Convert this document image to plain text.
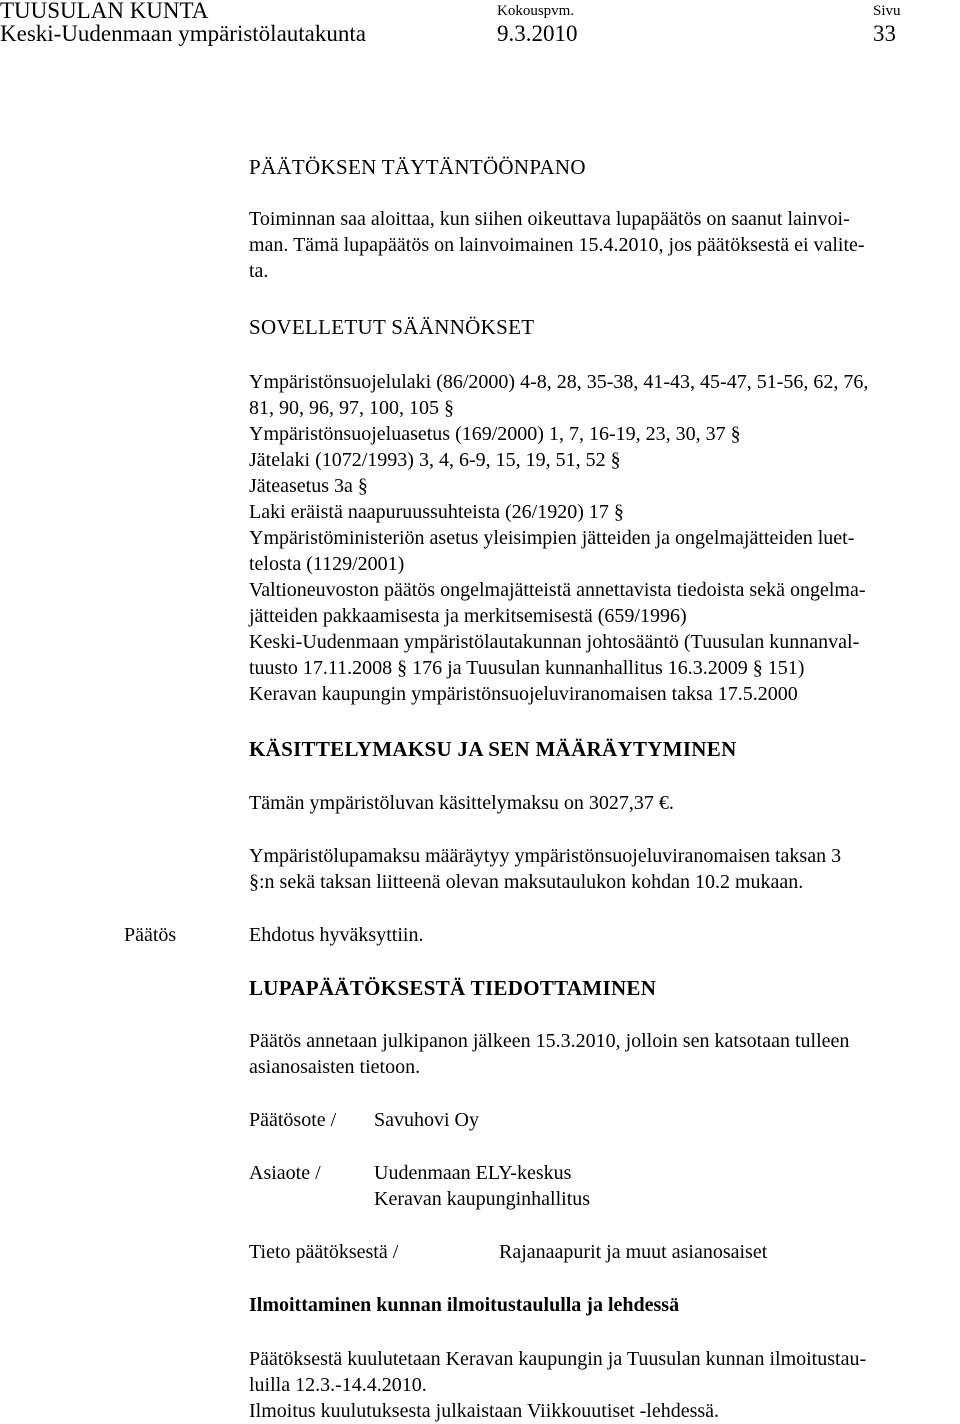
TUUSULAN KUNTA
Keski-Uudenmaan ympäristölautakunta
Kokouspvm.
9.3.2010
Sivu
33
PÄÄTÖKSEN TÄYTÄNTÖÖNPANO
Toiminnan saa aloittaa, kun siihen oikeuttava lupapäätös on saanut lainvoi-
man. Tämä lupapäätös on lainvoimainen 15.4.2010, jos päätöksestä ei valite-
ta.
SOVELLETUT SÄÄNNÖKSET
Ympäristönsuojelulaki (86/2000) 4-8, 28, 35-38, 41-43, 45-47, 51-56, 62, 76,
81, 90, 96, 97, 100, 105 §
Ympäristönsuojeluasetus (169/2000) 1, 7, 16-19, 23, 30, 37 §
Jätelaki (1072/1993) 3, 4, 6-9, 15, 19, 51, 52 §
Jäteasetus 3a §
Laki eräistä naapuruussuhteista (26/1920) 17 §
Ympäristöministeriön asetus yleisimpien jätteiden ja ongelmajätteiden luet-
telosta (1129/2001)
Valtioneuvoston päätös ongelmajätteistä annettavista tiedoista sekä ongelma-
jätteiden pakkaamisesta ja merkitsemisestä (659/1996)
Keski-Uudenmaan ympäristölautakunnan johtosääntö (Tuusulan kunnanval-
tuusto 17.11.2008 § 176 ja Tuusulan kunnanhallitus 16.3.2009 § 151)
Keravan kaupungin ympäristönsuojeluviranomaisen taksa 17.5.2000
KÄSITTELYMAKSU JA SEN MÄÄRÄYTYMINEN
Tämän ympäristöluvan käsittelymaksu on 3027,37 €.
Ympäristölupamaksu määräytyy ympäristönsuojeluviranomaisen taksan 3
§:n sekä taksan liitteenä olevan maksutaulukon kohdan 10.2 mukaan.
Päätös	Ehdotus hyväksyttiin.
LUPAPÄÄTÖKSESTÄ TIEDOTTAMINEN
Päätös annetaan julkipanon jälkeen 15.3.2010, jolloin sen katsotaan tulleen
asianosaisten tietoon.
Päätösote / Savuhovi Oy
Asiaote /	Uudenmaan ELY-keskus
Keravan kaupunginhallitus
Tieto päätöksestä /	Rajanaapurit ja muut asianosaiset
Ilmoittaminen kunnan ilmoitustaululla ja lehdessä
Päätöksestä kuulutetaan Keravan kaupungin ja Tuusulan kunnan ilmoitustau-
luilla 12.3.-14.4.2010.
Ilmoitus kuulutuksesta julkaistaan Viikkouutiset -lehdessä.
